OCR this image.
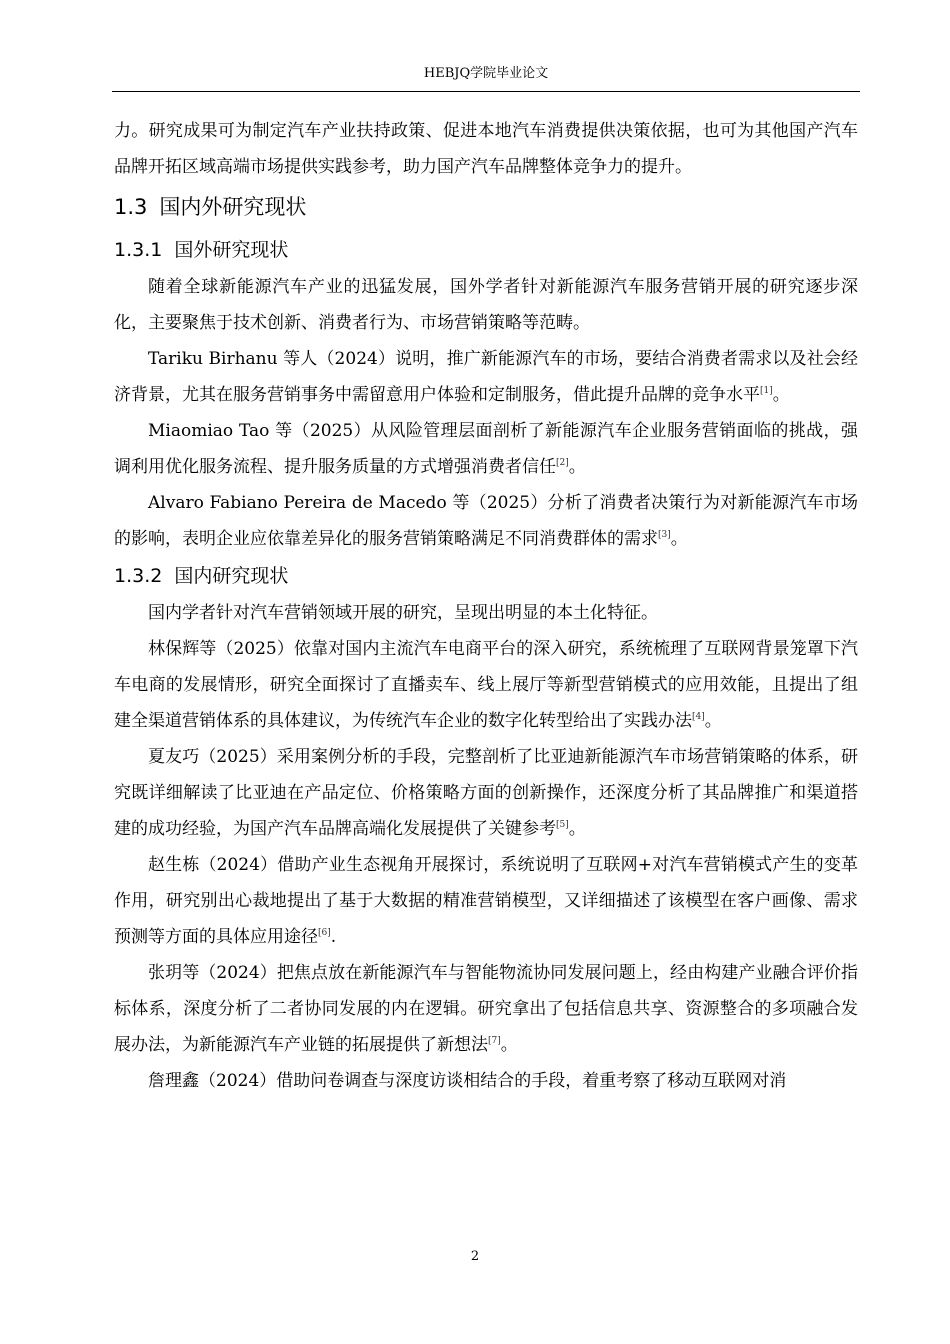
HEBJQ学院毕业论文

力。研究成果可为制定汽车产业扶持政策、促进本地汽车消费提供决策依据，也可为其他国产汽车品牌开拓区域高端市场提供实践参考，助力国产汽车品牌整体竞争力的提升。

1.3 国内外研究现状
1.3.1 国外研究现状

随着全球新能源汽车产业的迅猛发展，国外学者针对新能源汽车服务营销开展的研究逐步深化，主要聚焦于技术创新、消费者行为、市场营销策略等范畴。

Tariku Birhanu 等人（2024）说明，推广新能源汽车的市场，要结合消费者需求以及社会经济背景，尤其在服务营销事务中需留意用户体验和定制服务，借此提升品牌的竞争水平[1]。

Miaomiao Tao 等（2025）从风险管理层面剖析了新能源汽车企业服务营销面临的挑战，强调利用优化服务流程、提升服务质量的方式增强消费者信任[2]。

Alvaro Fabiano Pereira de Macedo 等（2025）分析了消费者决策行为对新能源汽车市场的影响，表明企业应依靠差异化的服务营销策略满足不同消费群体的需求[3]。

1.3.2 国内研究现状

国内学者针对汽车营销领域开展的研究，呈现出明显的本土化特征。

林保辉等（2025）依靠对国内主流汽车电商平台的深入研究，系统梳理了互联网背景笼罩下汽车电商的发展情形，研究全面探讨了直播卖车、线上展厅等新型营销模式的应用效能，且提出了组建全渠道营销体系的具体建议，为传统汽车企业的数字化转型给出了实践办法[4]。

夏友巧（2025）采用案例分析的手段，完整剖析了比亚迪新能源汽车市场营销策略的体系，研究既详细解读了比亚迪在产品定位、价格策略方面的创新操作，还深度分析了其品牌推广和渠道搭建的成功经验，为国产汽车品牌高端化发展提供了关键参考[5]。

赵生栋（2024）借助产业生态视角开展探讨，系统说明了互联网+对汽车营销模式产生的变革作用，研究别出心裁地提出了基于大数据的精准营销模型，又详细描述了该模型在客户画像、需求预测等方面的具体应用途径[6].

张玥等（2024）把焦点放在新能源汽车与智能物流协同发展问题上，经由构建产业融合评价指标体系，深度分析了二者协同发展的内在逻辑。研究拿出了包括信息共享、资源整合的多项融合发展办法，为新能源汽车产业链的拓展提供了新想法[7]。

詹理鑫（2024）借助问卷调查与深度访谈相结合的手段，着重考察了移动互联网对消

2
